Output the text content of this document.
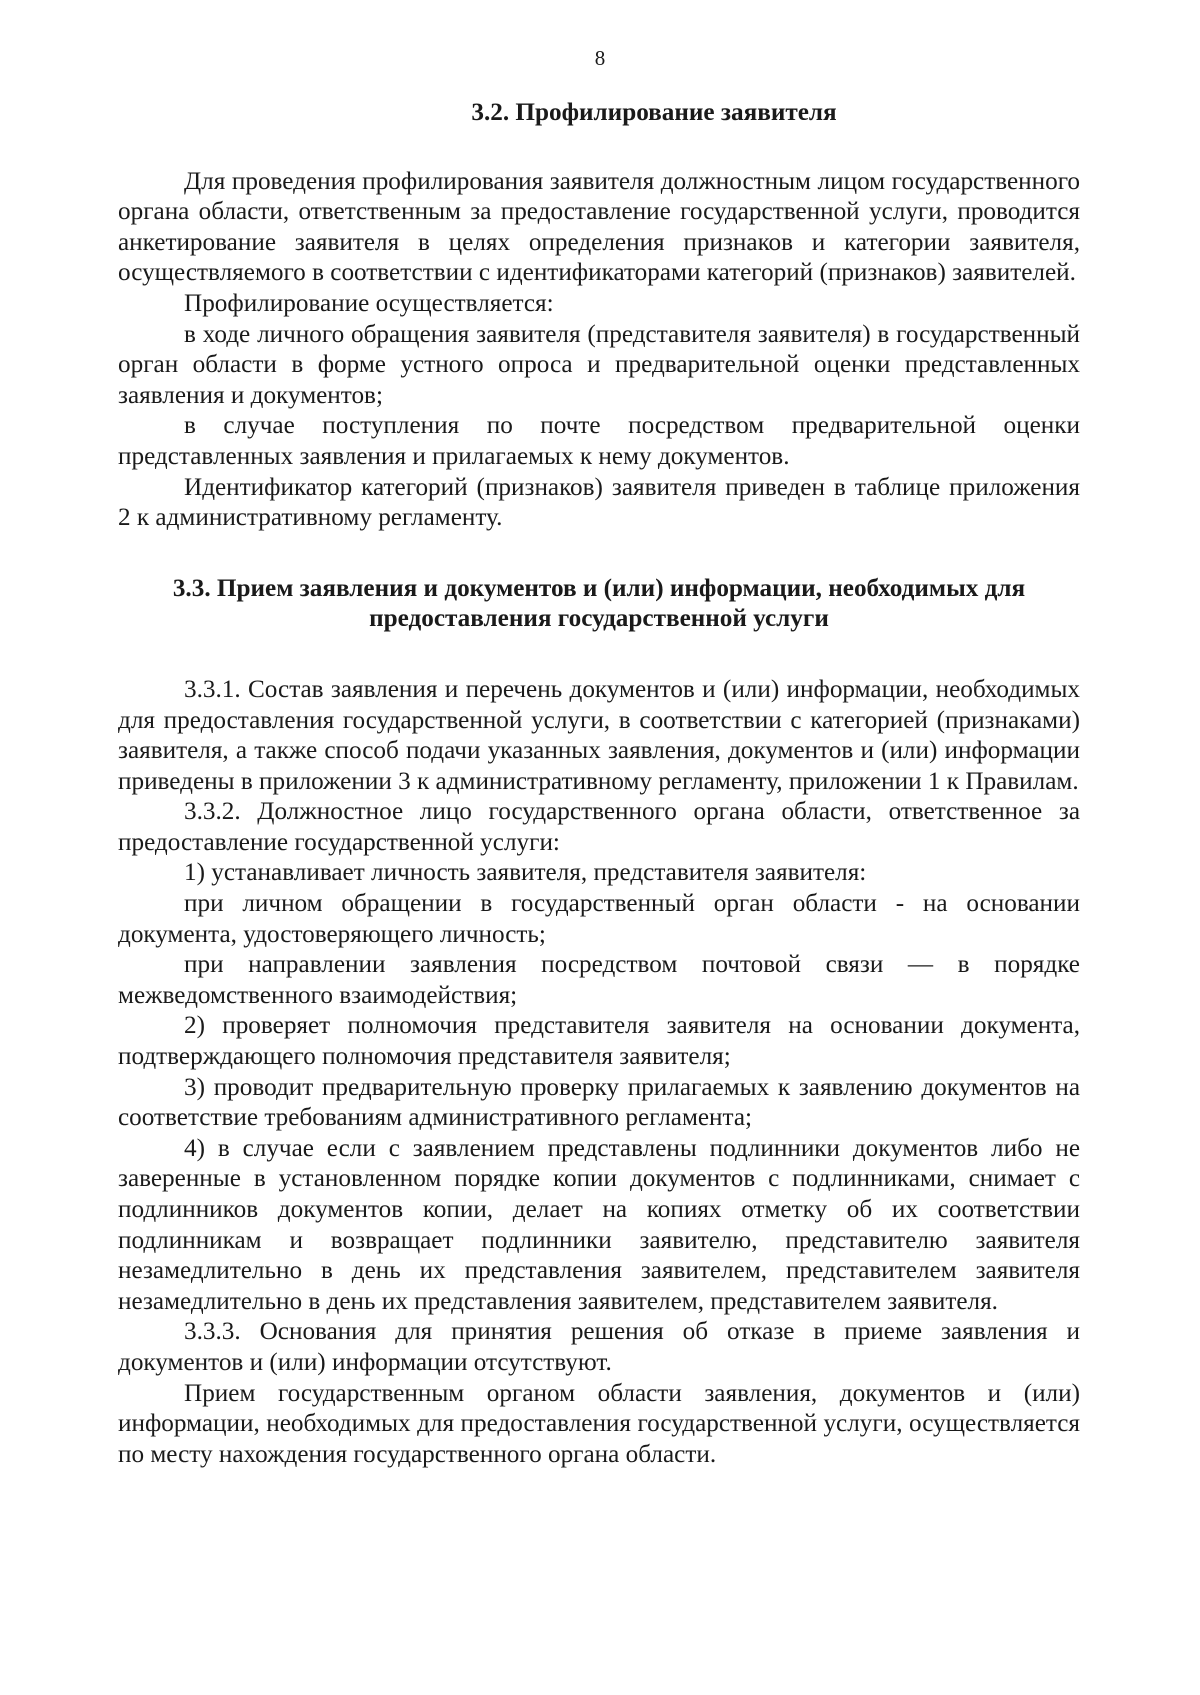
8
3.2. Профилирование заявителя

Для проведения профилирования заявителя должностным лицом государственного органа области, ответственным за предоставление государственной услуги, проводится анкетирование заявителя в целях определения признаков и категории заявителя, осуществляемого в соответствии с идентификаторами категорий (признаков) заявителей.

Профилирование осуществляется:

в ходе личного обращения заявителя (представителя заявителя) в государственный орган области в форме устного опроса и предварительной оценки представленных заявления и документов;

в случае поступления по почте посредством предварительной оценки представленных заявления и прилагаемых к нему документов.

Идентификатор категорий (признаков) заявителя приведен в таблице приложения 2 к административному регламенту.

3.3. Прием заявления и документов и (или) информации, необходимых для предоставления государственной услуги

3.3.1. Состав заявления и перечень документов и (или) информации, необходимых для предоставления государственной услуги, в соответствии с категорией (признаками) заявителя, а также способ подачи указанных заявления, документов и (или) информации приведены в приложении 3 к административному регламенту, приложении 1 к Правилам.

3.3.2. Должностное лицо государственного органа области, ответственное за предоставление государственной услуги:

1) устанавливает личность заявителя, представителя заявителя:

при личном обращении в государственный орган области - на основании документа, удостоверяющего личность;

при направлении заявления посредством почтовой связи — в порядке межведомственного взаимодействия;

2) проверяет полномочия представителя заявителя на основании документа, подтверждающего полномочия представителя заявителя;

3) проводит предварительную проверку прилагаемых к заявлению документов на соответствие требованиям административного регламента;

4) в случае если с заявлением представлены подлинники документов либо не заверенные в установленном порядке копии документов с подлинниками, снимает с подлинников документов копии, делает на копиях отметку об их соответствии подлинникам и возвращает подлинники заявителю, представителю заявителя незамедлительно в день их представления заявителем, представителем заявителя незамедлительно в день их представления заявителем, представителем заявителя.

3.3.3. Основания для принятия решения об отказе в приеме заявления и документов и (или) информации отсутствуют.

Прием государственным органом области заявления, документов и (или) информации, необходимых для предоставления государственной услуги, осуществляется по месту нахождения государственного органа области.
